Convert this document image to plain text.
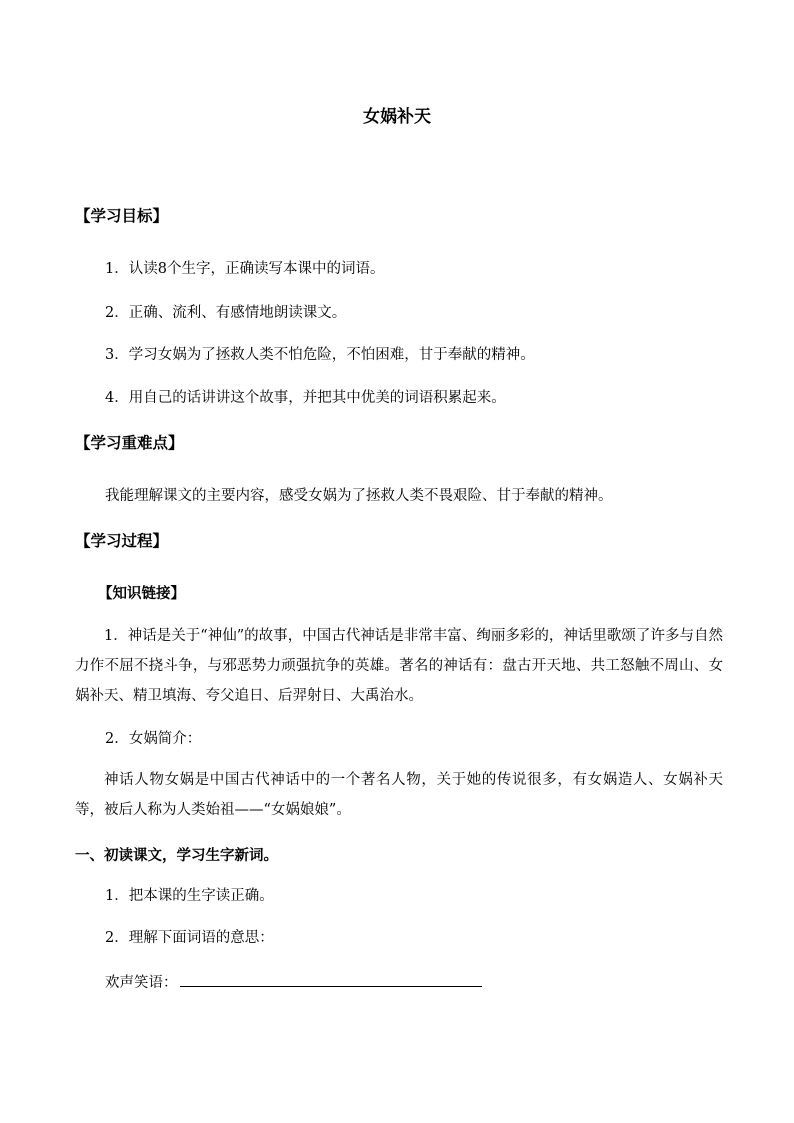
女娲补天
【学习目标】
1．认读8个生字，正确读写本课中的词语。
2．正确、流利、有感情地朗读课文。
3．学习女娲为了拯救人类不怕危险，不怕困难，甘于奉献的精神。
4．用自己的话讲讲这个故事，并把其中优美的词语积累起来。
【学习重难点】
我能理解课文的主要内容，感受女娲为了拯救人类不畏艰险、甘于奉献的精神。
【学习过程】
【知识链接】
1．神话是关于“神仙”的故事，中国古代神话是非常丰富、绚丽多彩的，神话里歌颂了许多与自然力作不屈不挠斗争，与邪恶势力顽强抗争的英雄。著名的神话有：盘古开天地、共工怒触不周山、女娲补天、精卫填海、夸父追日、后羿射日、大禹治水。
2．女娲简介：
神话人物女娲是中国古代神话中的一个著名人物，关于她的传说很多，有女娲造人、女娲补天等，被后人称为人类始祖——“女娲娘娘”。
一、初读课文，学习生字新词。
1．把本课的生字读正确。
2．理解下面词语的意思：
欢声笑语：
